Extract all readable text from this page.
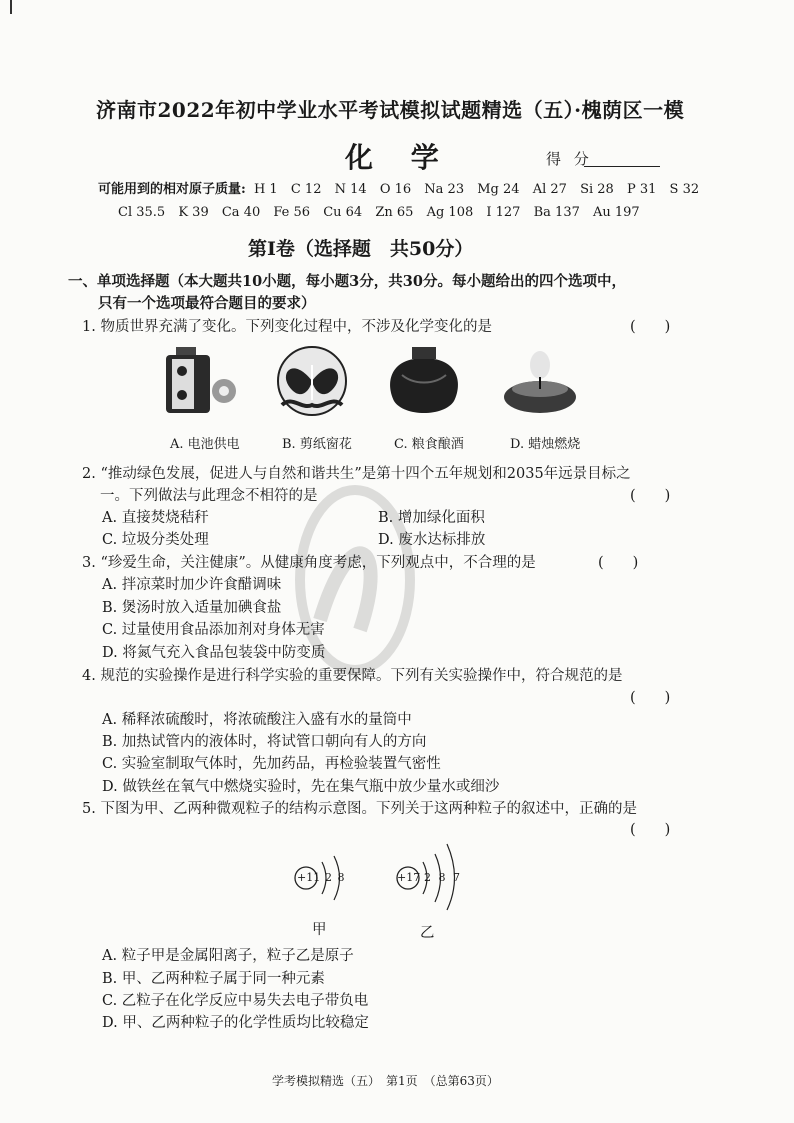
济南市2022年初中学业水平考试模拟试题精选（五）·槐荫区一模
化 学	得 分
可能用到的相对原子质量: H 1 C 12 N 14 O 16 Na 23 Mg 24 Al 27 Si 28 P 31 S 32
Cl 35.5 K 39 Ca 40 Fe 56 Cu 64 Zn 65 Ag 108 I 127 Ba 137 Au 197
第Ⅰ卷（选择题　共50分）
一、单项选择题（本大题共10小题，每小题3分，共30分。每小题给出的四个选项中，
只有一个选项最符合题目的要求）
1. 物质世界充满了变化。下列变化过程中，不涉及化学变化的是	(　　)
A. 电池供电	B. 剪纸窗花	C. 粮食酿酒	D. 蜡烛燃烧
2. “推动绿色发展，促进人与自然和谐共生”是第十四个五年规划和2035年远景目标之
一。下列做法与此理念不相符的是	(　　)
A. 直接焚烧秸秆	B. 增加绿化面积
C. 垃圾分类处理	D. 废水达标排放
3. “珍爱生命，关注健康”。从健康角度考虑，下列观点中，不合理的是	(　　)
A. 拌凉菜时加少许食醋调味
B. 煲汤时放入适量加碘食盐
C. 过量使用食品添加剂对身体无害
D. 将氮气充入食品包装袋中防变质
4. 规范的实验操作是进行科学实验的重要保障。下列有关实验操作中，符合规范的是
(　　)
A. 稀释浓硫酸时，将浓硫酸注入盛有水的量筒中
B. 加热试管内的液体时，将试管口朝向有人的方向
C. 实验室制取气体时，先加药品，再检验装置气密性
D. 做铁丝在氧气中燃烧实验时，先在集气瓶中放少量水或细沙
5. 下图为甲、乙两种微观粒子的结构示意图。下列关于这两种粒子的叙述中，正确的是
(　　)
+11 2 8
甲
+17 2 8 7
乙
A. 粒子甲是金属阳离子，粒子乙是原子
B. 甲、乙两种粒子属于同一种元素
C. 乙粒子在化学反应中易失去电子带负电
D. 甲、乙两种粒子的化学性质均比较稳定
学考模拟精选（五）　第1页　（总第63页）
